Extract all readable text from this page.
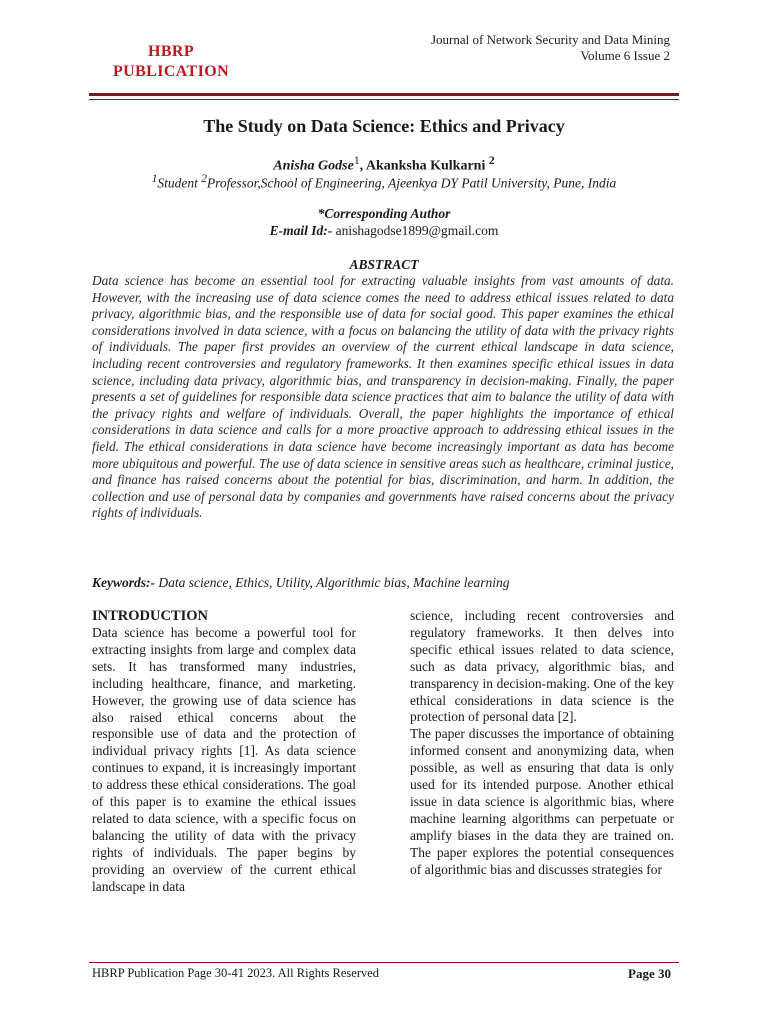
HBRP PUBLICATION
Journal of Network Security and Data Mining
Volume 6 Issue 2
The Study on Data Science: Ethics and Privacy
Anisha Godse$^1$, Akanksha Kulkarni $^2$
$^1$Student $^2$Professor,School of Engineering, Ajeenkya DY Patil University, Pune, India
*Corresponding Author
E-mail Id:- anishagodse1899@gmail.com
ABSTRACT

Data science has become an essential tool for extracting valuable insights from vast amounts of data. However, with the increasing use of data science comes the need to address ethical issues related to data privacy, algorithmic bias, and the responsible use of data for social good. This paper examines the ethical considerations involved in data science, with a focus on balancing the utility of data with the privacy rights of individuals. The paper first provides an overview of the current ethical landscape in data science, including recent controversies and regulatory frameworks. It then examines specific ethical issues in data science, including data privacy, algorithmic bias, and transparency in decision-making. Finally, the paper presents a set of guidelines for responsible data science practices that aim to balance the utility of data with the privacy rights and welfare of individuals. Overall, the paper highlights the importance of ethical considerations in data science and calls for a more proactive approach to addressing ethical issues in the field. The ethical considerations in data science have become increasingly important as data has become more ubiquitous and powerful. The use of data science in sensitive areas such as healthcare, criminal justice, and finance has raised concerns about the potential for bias, discrimination, and harm. In addition, the collection and use of personal data by companies and governments have raised concerns about the privacy rights of individuals.

Keywords:- Data science, Ethics, Utility, Algorithmic bias, Machine learning
INTRODUCTION

Data science has become a powerful tool for extracting insights from large and complex data sets. It has transformed many industries, including healthcare, finance, and marketing. However, the growing use of data science has also raised ethical concerns about the responsible use of data and the protection of individual privacy rights [1]. As data science continues to expand, it is increasingly important to address these ethical considerations. The goal of this paper is to examine the ethical issues related to data science, with a specific focus on balancing the utility of data with the privacy rights of individuals. The paper begins by providing an overview of the current ethical landscape in data

science, including recent controversies and regulatory frameworks. It then delves into specific ethical issues related to data science, such as data privacy, algorithmic bias, and transparency in decision-making. One of the key ethical considerations in data science is the protection of personal data [2].

The paper discusses the importance of obtaining informed consent and anonymizing data, when possible, as well as ensuring that data is only used for its intended purpose. Another ethical issue in data science is algorithmic bias, where machine learning algorithms can perpetuate or amplify biases in the data they are trained on. The paper explores the potential consequences of algorithmic bias and discusses strategies for

HBRP Publication Page 30-41 2023. All Rights Reserved	Page 30
